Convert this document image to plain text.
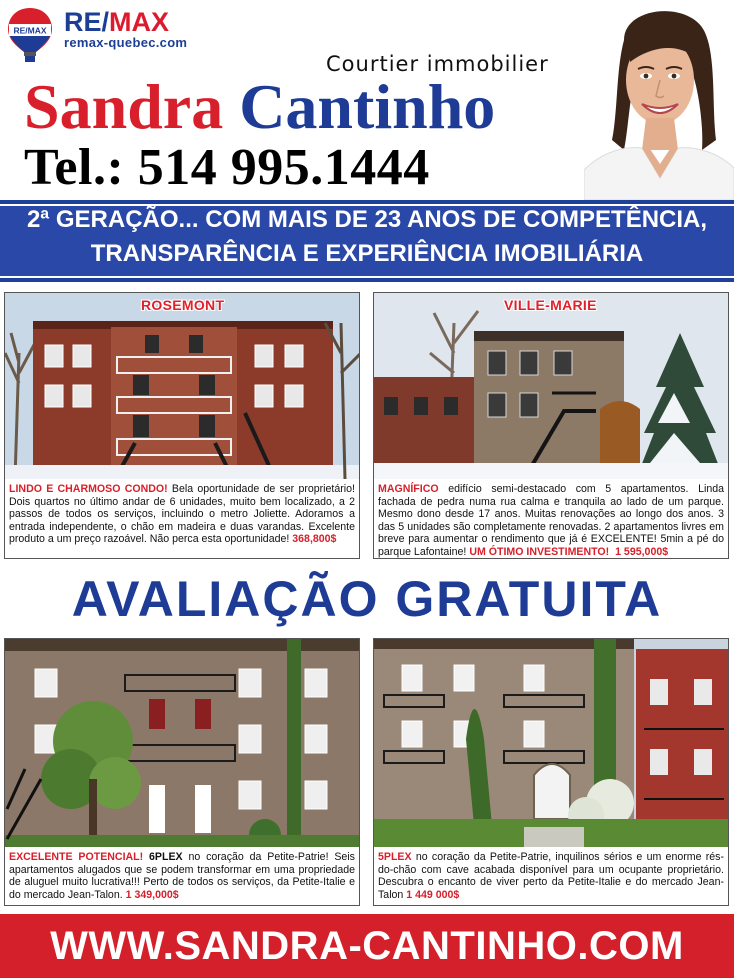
RE/MAX RE/MAX
remax-quebec.com
Courtier immobilier
Sandra Cantinho
Tel.: 514 995.1444
2ª GERAÇÃO... COM MAIS DE 23 ANOS DE COMPETÊNCIA,
TRANSPARÊNCIA E EXPERIÊNCIA IMOBILIÁRIA
ROSEMONT
LINDO E CHARMOSO CONDO! Bela oportunidade de ser proprietário! Dois quartos no último andar de 6 unidades, muito bem localizado, a 2 passos de todos os serviços, incluindo o metro Joliette. Adoramos a entrada independente, o chão em madeira e duas varandas. Excelente produto a um preço razoável. Não perca esta oportunidade! 368,800$
VILLE-MARIE
MAGNÍFICO edifício semi-destacado com 5 apartamentos. Linda fachada de pedra numa rua calma e tranquila ao lado de um parque. Mesmo dono desde 17 anos. Muitas renovações ao longo dos anos. 3 das 5 unidades são completamente renovadas. 2 apartamentos livres em breve para aumentar o rendimento que já é EXCELENTE! 5min a pé do parque Lafontaine! UM ÓTIMO INVESTIMENTO! 1 595,000$
AVALIAÇÃO GRATUITA
EXCELENTE POTENCIAL! 6PLEX no coração da Petite-Patrie! Seis apartamentos alugados que se podem transformar em uma propriedade de aluguel muito lucrativa!!! Perto de todos os serviços, da Petite-Italie e do mercado Jean-Talon. 1 349,000$
5PLEX no coração da Petite-Patrie, inquilinos sérios e um enorme rés-do-chão com cave acabada disponível para um ocupante proprietário. Descubra o encanto de viver perto da Petite-Italie e do mercado Jean-Talon 1 449 000$
WWW.SANDRA-CANTINHO.COM
